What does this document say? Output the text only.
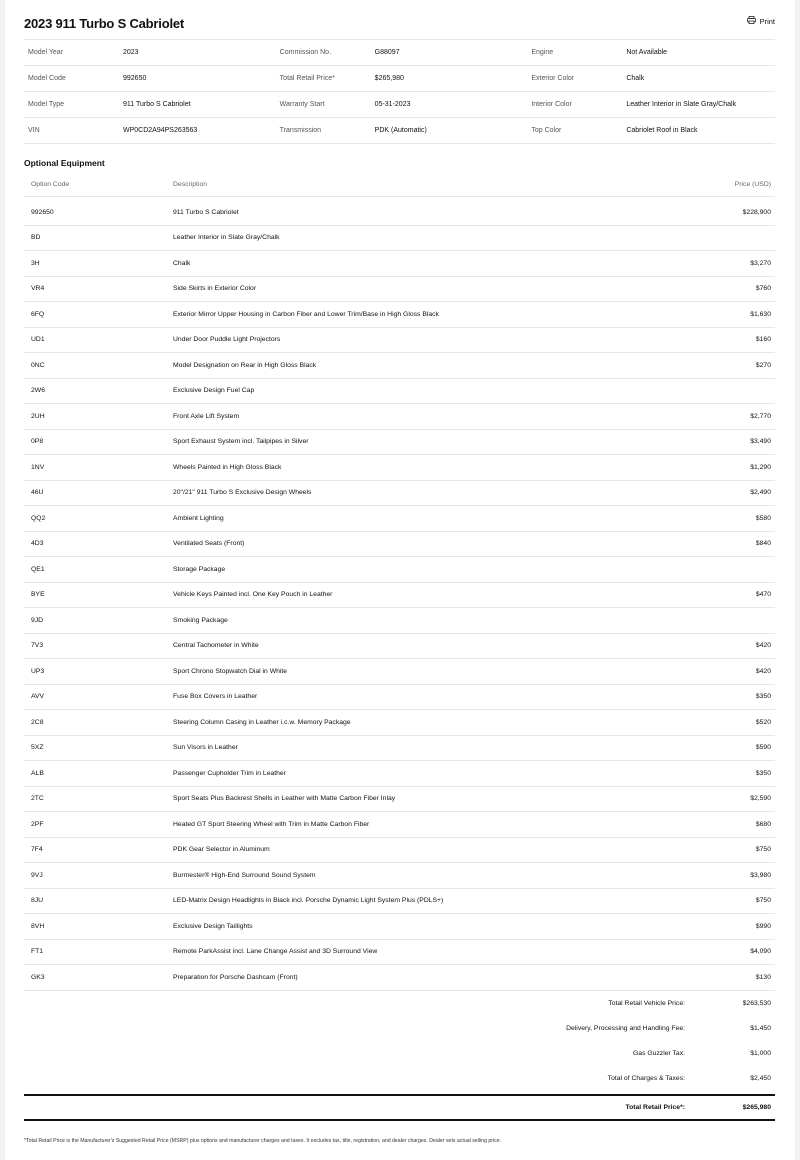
2023 911 Turbo S Cabriolet	Print
Model Year	2023	Commission No.	G88097	Engine	Not Available
Model Code	992650	Total Retail Price*	$265,980	Exterior Color	Chalk
Model Type	911 Turbo S Cabriolet	Warranty Start	05-31-2023	Interior Color	Leather Interior in Slate Gray/Chalk
VIN	WP0CD2A94PS263563	Transmission	PDK (Automatic)	Top Color	Cabriolet Roof in Black
Optional Equipment
Option Code	Description	Price (USD)
992650	911 Turbo S Cabriolet	$228,900
BD	Leather Interior in Slate Gray/Chalk
3H	Chalk	$3,270
VR4	Side Skirts in Exterior Color	$760
6FQ	Exterior Mirror Upper Housing in Carbon Fiber and Lower Trim/Base in High Gloss Black	$1,630
UD1	Under Door Puddle Light Projectors	$160
0NC	Model Designation on Rear in High Gloss Black	$270
2W6	Exclusive Design Fuel Cap
2UH	Front Axle Lift System	$2,770
0P8	Sport Exhaust System incl. Tailpipes in Silver	$3,490
1NV	Wheels Painted in High Gloss Black	$1,290
46U	20"/21" 911 Turbo S Exclusive Design Wheels	$2,490
QQ2	Ambient Lighting	$580
4D3	Ventilated Seats (Front)	$840
QE1	Storage Package
BYE	Vehicle Keys Painted incl. One Key Pouch in Leather	$470
9JD	Smoking Package
7V3	Central Tachometer in White	$420
UP3	Sport Chrono Stopwatch Dial in White	$420
AVV	Fuse Box Covers in Leather	$350
2C8	Steering Column Casing in Leather i.c.w. Memory Package	$520
5XZ	Sun Visors in Leather	$590
ALB	Passenger Cupholder Trim in Leather	$350
2TC	Sport Seats Plus Backrest Shells in Leather with Matte Carbon Fiber Inlay	$2,590
2PF	Heated GT Sport Steering Wheel with Trim in Matte Carbon Fiber	$680
7F4	PDK Gear Selector in Aluminum	$750
9VJ	Burmester® High-End Surround Sound System	$3,980
8JU	LED-Matrix Design Headlights in Black incl. Porsche Dynamic Light System Plus (PDLS+)	$750
8VH	Exclusive Design Taillights	$990
FT1	Remote ParkAssist incl. Lane Change Assist and 3D Surround View	$4,090
GK3	Preparation for Porsche Dashcam (Front)	$130
Total Retail Vehicle Price:	$263,530
Delivery, Processing and Handling Fee:	$1,450
Gas Guzzler Tax:	$1,000
Total of Charges & Taxes:	$2,450
Total Retail Price*:	$265,980
*Total Retail Price is the Manufacturer's Suggested Retail Price (MSRP) plus options and manufacturer charges and taxes. It excludes tax, title, registration, and dealer charges. Dealer sets actual selling price.
